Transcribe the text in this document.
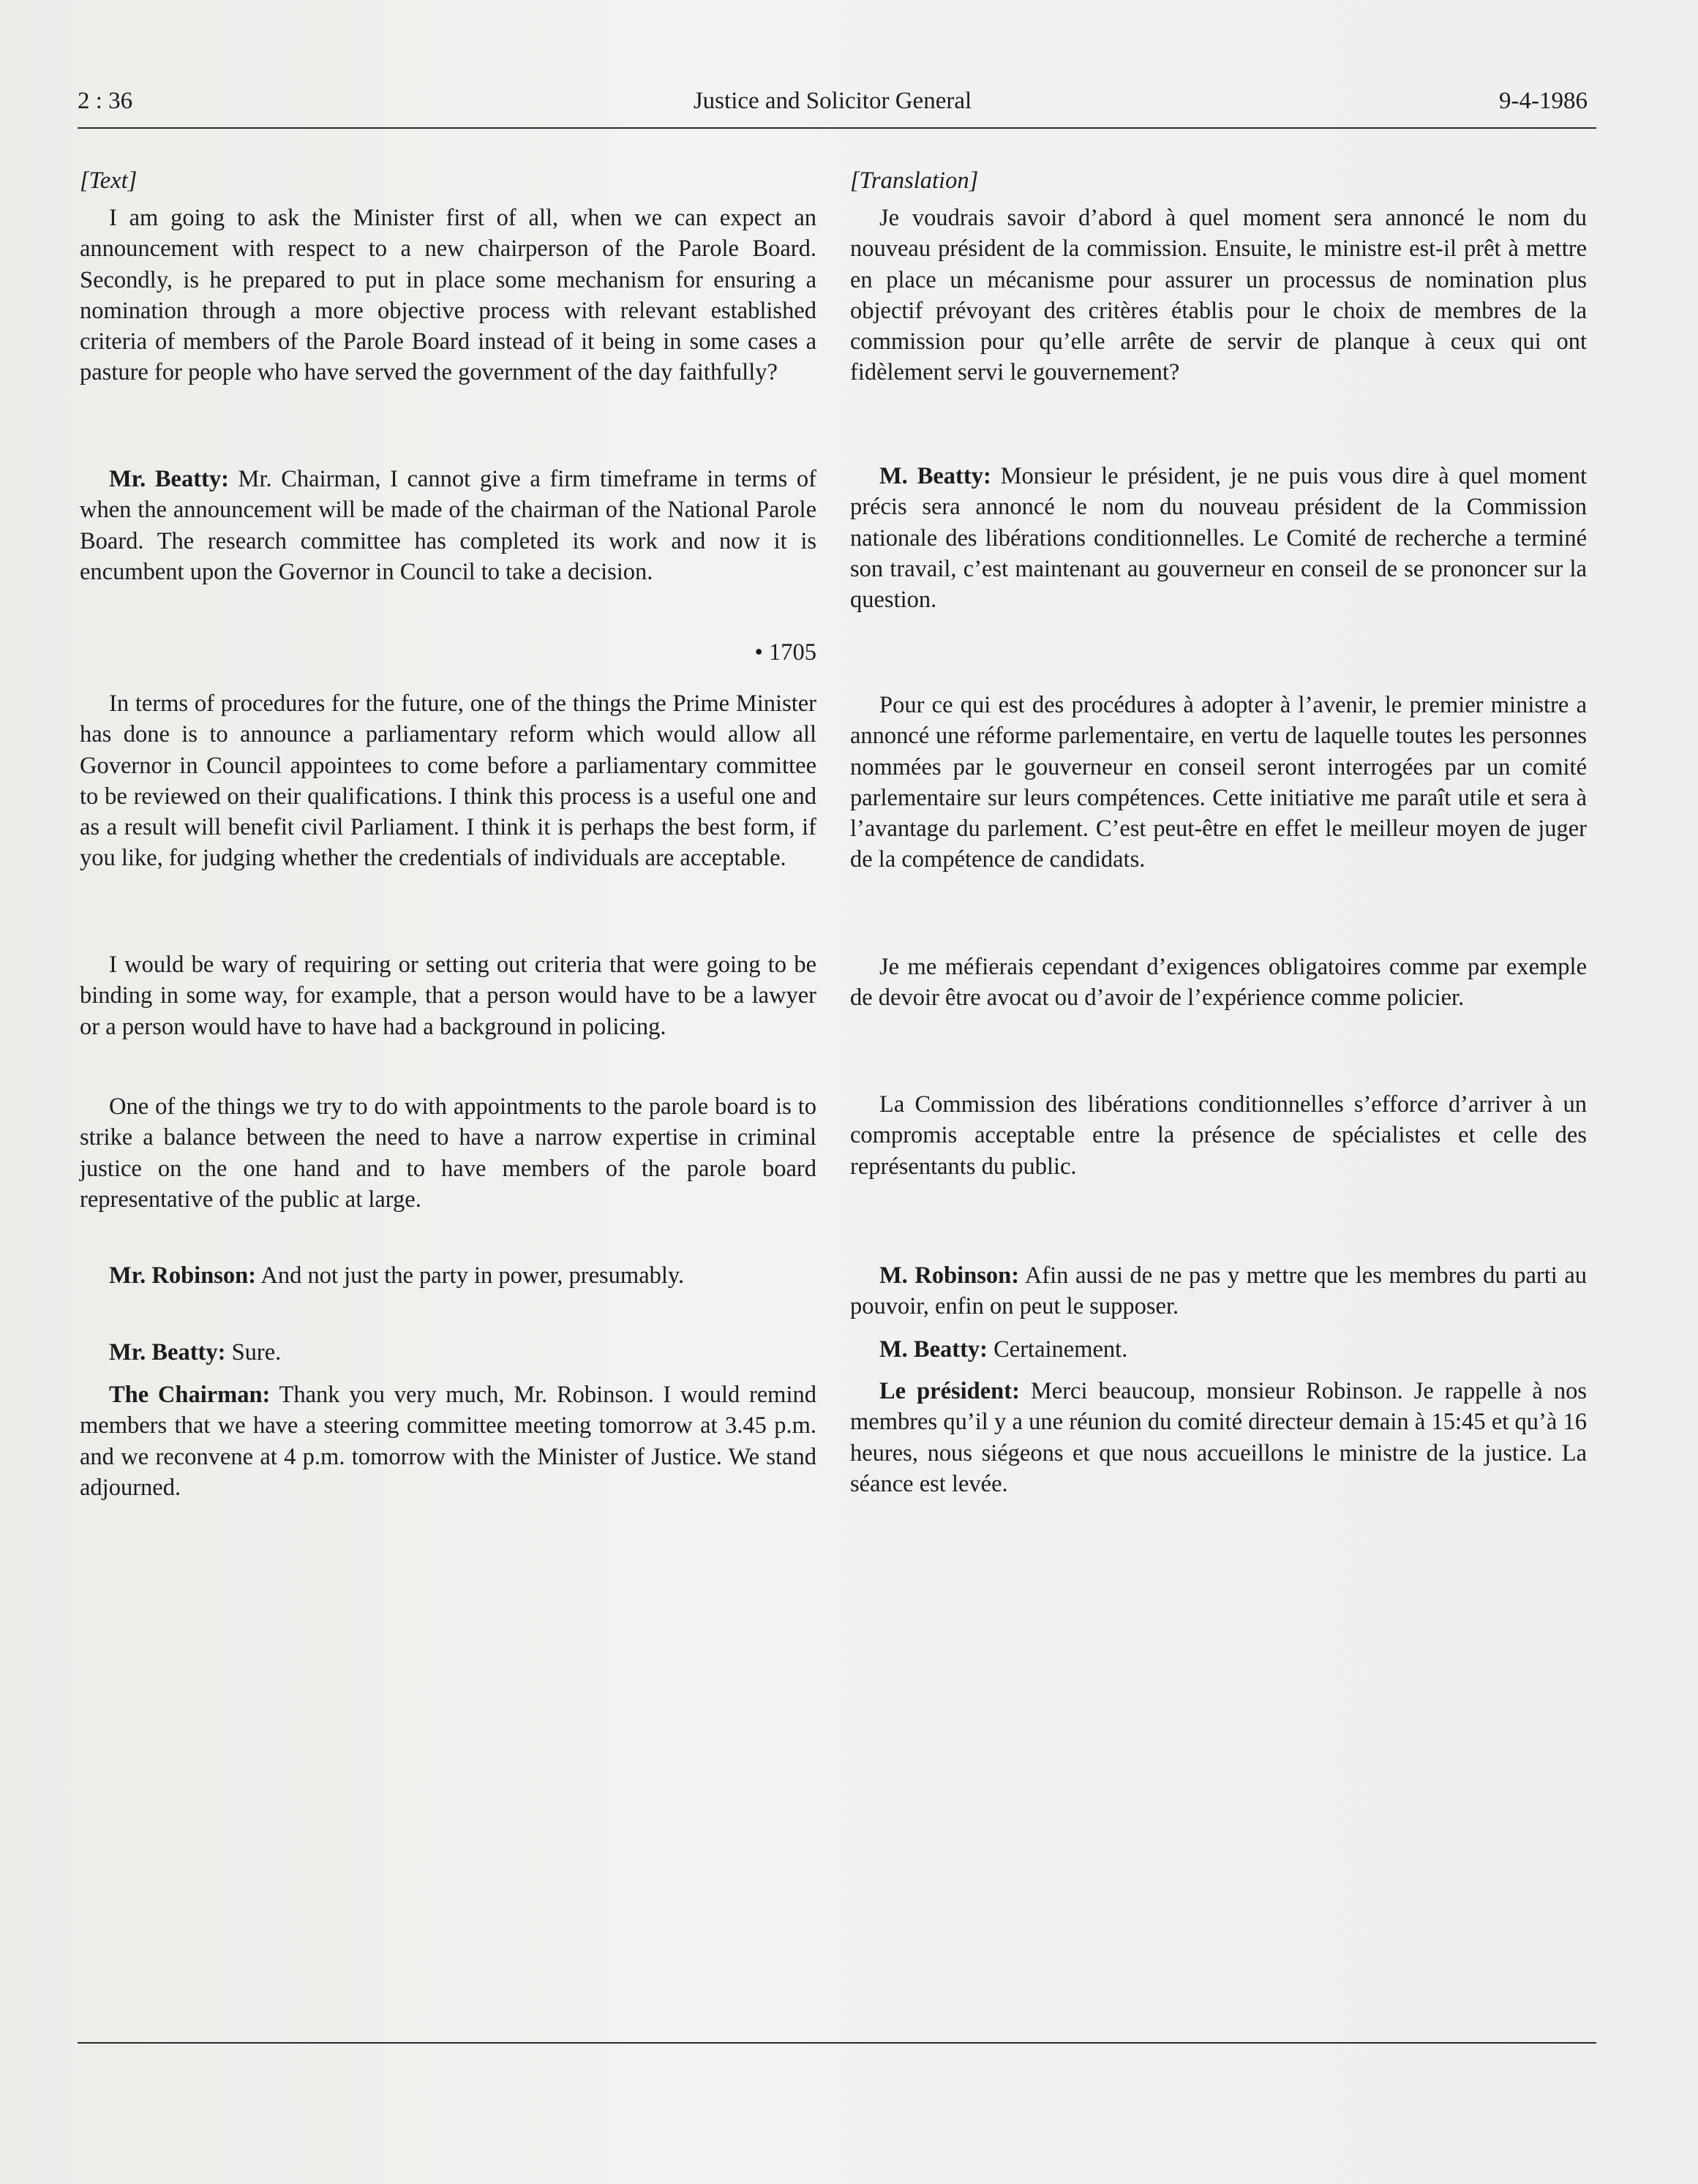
2 : 36	Justice and Solicitor General	9-4-1986

[Text]

I am going to ask the Minister first of all, when we can expect an announcement with respect to a new chairperson of the Parole Board. Secondly, is he prepared to put in place some mechanism for ensuring a nomination through a more objective process with relevant established criteria of members of the Parole Board instead of it being in some cases a pasture for people who have served the government of the day faithfully?

Mr. Beatty: Mr. Chairman, I cannot give a firm timeframe in terms of when the announcement will be made of the chairman of the National Parole Board. The research committee has completed its work and now it is encumbent upon the Governor in Council to take a decision.

• 1705

In terms of procedures for the future, one of the things the Prime Minister has done is to announce a parliamentary reform which would allow all Governor in Council appointees to come before a parliamentary committee to be reviewed on their qualifications. I think this process is a useful one and as a result will benefit civil Parliament. I think it is perhaps the best form, if you like, for judging whether the credentials of individuals are acceptable.

I would be wary of requiring or setting out criteria that were going to be binding in some way, for example, that a person would have to be a lawyer or a person would have to have had a background in policing.

One of the things we try to do with appointments to the parole board is to strike a balance between the need to have a narrow expertise in criminal justice on the one hand and to have members of the parole board representative of the public at large.

Mr. Robinson: And not just the party in power, presumably.

Mr. Beatty: Sure.

The Chairman: Thank you very much, Mr. Robinson. I would remind members that we have a steering committee meeting tomorrow at 3.45 p.m. and we reconvene at 4 p.m. tomorrow with the Minister of Justice. We stand adjourned.

[Translation]

Je voudrais savoir d’abord à quel moment sera annoncé le nom du nouveau président de la commission. Ensuite, le ministre est-il prêt à mettre en place un mécanisme pour assurer un processus de nomination plus objectif prévoyant des critères établis pour le choix de membres de la commission pour qu’elle arrête de servir de planque à ceux qui ont fidèlement servi le gouvernement?

M. Beatty: Monsieur le président, je ne puis vous dire à quel moment précis sera annoncé le nom du nouveau président de la Commission nationale des libérations conditionnelles. Le Comité de recherche a terminé son travail, c’est maintenant au gouverneur en conseil de se prononcer sur la question.

Pour ce qui est des procédures à adopter à l’avenir, le premier ministre a annoncé une réforme parlementaire, en vertu de laquelle toutes les personnes nommées par le gouverneur en conseil seront interrogées par un comité parlementaire sur leurs compétences. Cette initiative me paraît utile et sera à l’avantage du parlement. C’est peut-être en effet le meilleur moyen de juger de la compétence de candidats.

Je me méfierais cependant d’exigences obligatoires comme par exemple de devoir être avocat ou d’avoir de l’expérience comme policier.

La Commission des libérations conditionnelles s’efforce d’arriver à un compromis acceptable entre la présence de spécialistes et celle des représentants du public.

M. Robinson: Afin aussi de ne pas y mettre que les membres du parti au pouvoir, enfin on peut le supposer.

M. Beatty: Certainement.

Le président: Merci beaucoup, monsieur Robinson. Je rappelle à nos membres qu’il y a une réunion du comité directeur demain à 15:45 et qu’à 16 heures, nous siégeons et que nous accueillons le ministre de la justice. La séance est levée.
